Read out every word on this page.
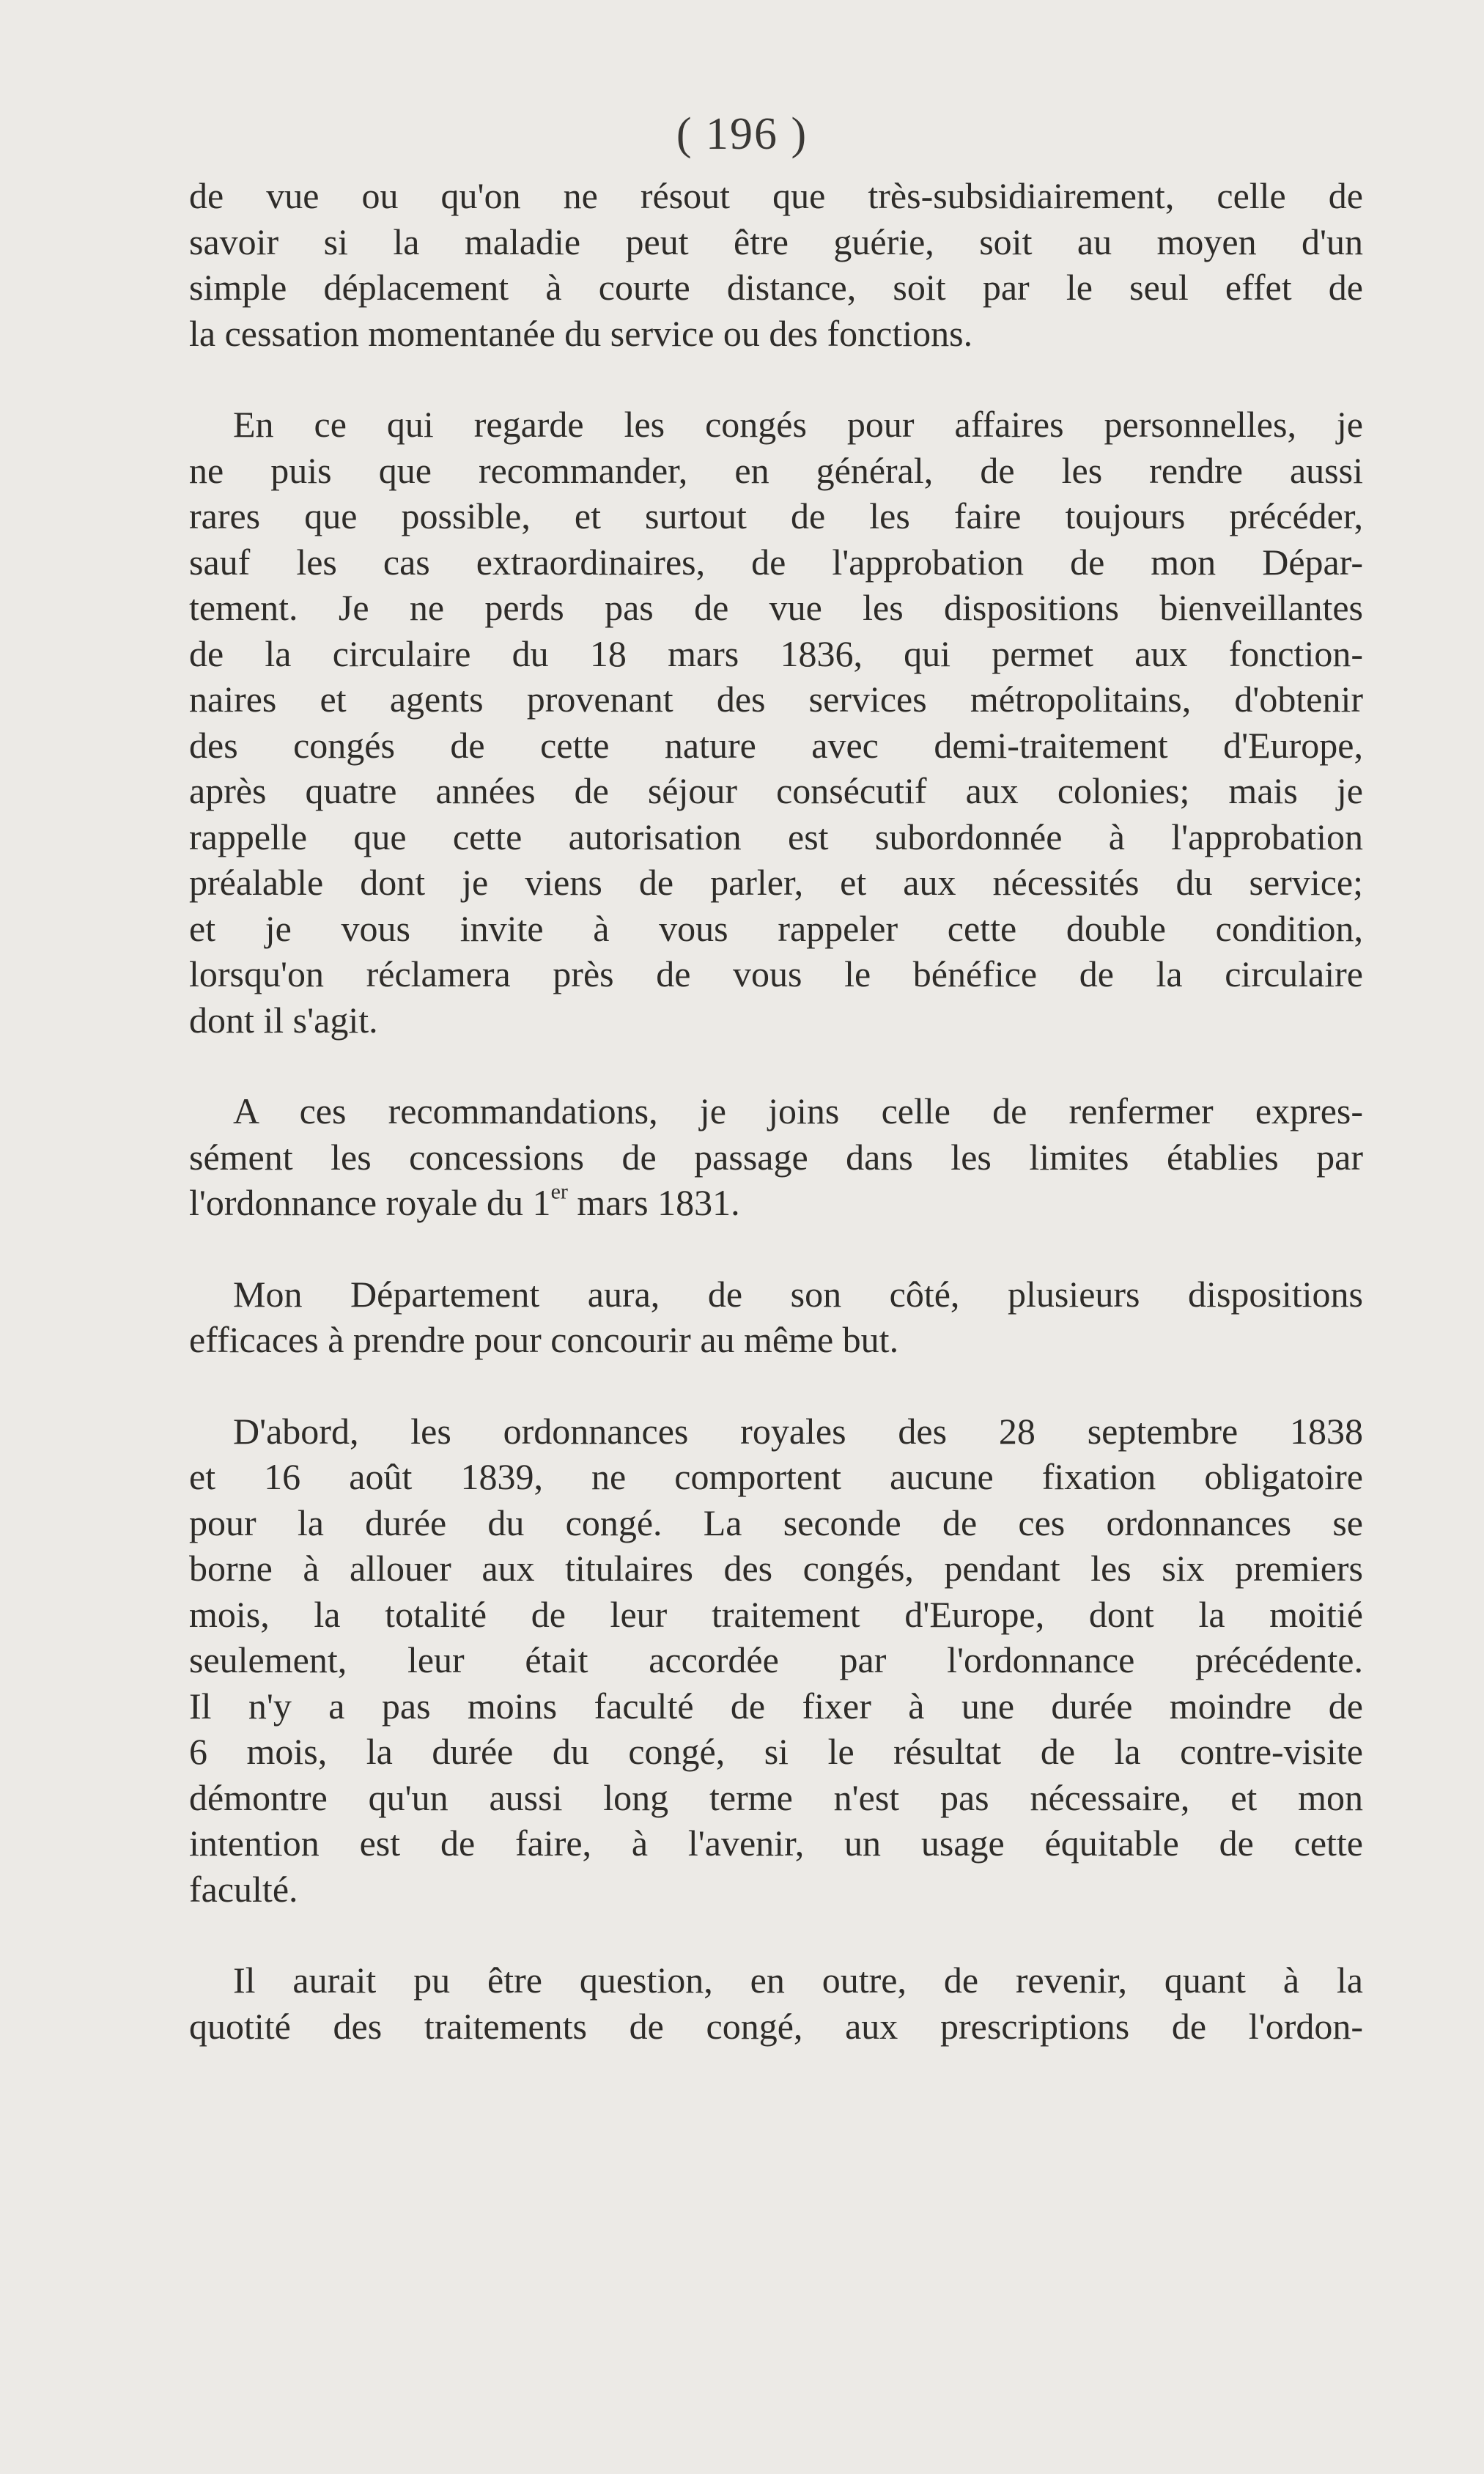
( 196 )

de vue ou qu'on ne résout que très-subsidiairement, celle de
savoir si la maladie peut être guérie, soit au moyen d'un
simple déplacement à courte distance, soit par le seul effet de
la cessation momentanée du service ou des fonctions.

En ce qui regarde les congés pour affaires personnelles, je
ne puis que recommander, en général, de les rendre aussi
rares que possible, et surtout de les faire toujours précéder,
sauf les cas extraordinaires, de l'approbation de mon Dépar-
tement. Je ne perds pas de vue les dispositions bienveillantes
de la circulaire du 18 mars 1836, qui permet aux fonction-
naires et agents provenant des services métropolitains, d'obtenir
des congés de cette nature avec demi-traitement d'Europe,
après quatre années de séjour consécutif aux colonies; mais je
rappelle que cette autorisation est subordonnée à l'approbation
préalable dont je viens de parler, et aux nécessités du service;
et je vous invite à vous rappeler cette double condition,
lorsqu'on réclamera près de vous le bénéfice de la circulaire
dont il s'agit.

A ces recommandations, je joins celle de renfermer expres-
sément les concessions de passage dans les limites établies par
l'ordonnance royale du 1er mars 1831.

Mon Département aura, de son côté, plusieurs dispositions
efficaces à prendre pour concourir au même but.

D'abord, les ordonnances royales des 28 septembre 1838
et 16 août 1839, ne comportent aucune fixation obligatoire
pour la durée du congé. La seconde de ces ordonnances se
borne à allouer aux titulaires des congés, pendant les six premiers
mois, la totalité de leur traitement d'Europe, dont la moitié
seulement, leur était accordée par l'ordonnance précédente.
Il n'y a pas moins faculté de fixer à une durée moindre de
6 mois, la durée du congé, si le résultat de la contre-visite
démontre qu'un aussi long terme n'est pas nécessaire, et mon
intention est de faire, à l'avenir, un usage équitable de cette
faculté.

Il aurait pu être question, en outre, de revenir, quant à la
quotité des traitements de congé, aux prescriptions de l'ordon-
